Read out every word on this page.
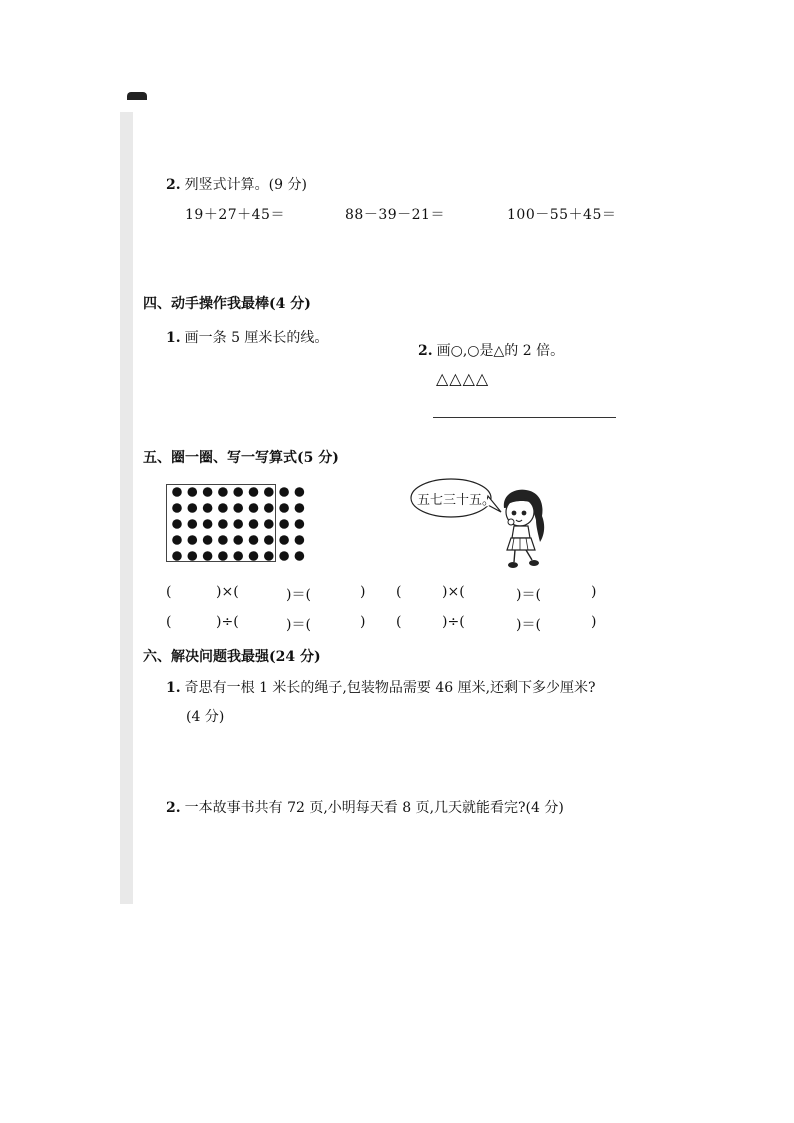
2. 列竖式计算。(9 分)
19＋27＋45＝	88－39－21＝	100－55＋45＝
四、动手操作我最棒(4 分)
1. 画一条 5 厘米长的线。
2. 画○,○是△的 2 倍。
△△△△
五、圈一圈、写一写算式(5 分)
五七三十五。
(	)×(	)＝(	) (	)×(	)＝(	)
(	)÷(	)＝(	) (	)÷(	)＝(	)
六、解决问题我最强(24 分)
1. 奇思有一根 1 米长的绳子,包装物品需要 46 厘米,还剩下多少厘米?
(4 分)
2. 一本故事书共有 72 页,小明每天看 8 页,几天就能看完?(4 分)
